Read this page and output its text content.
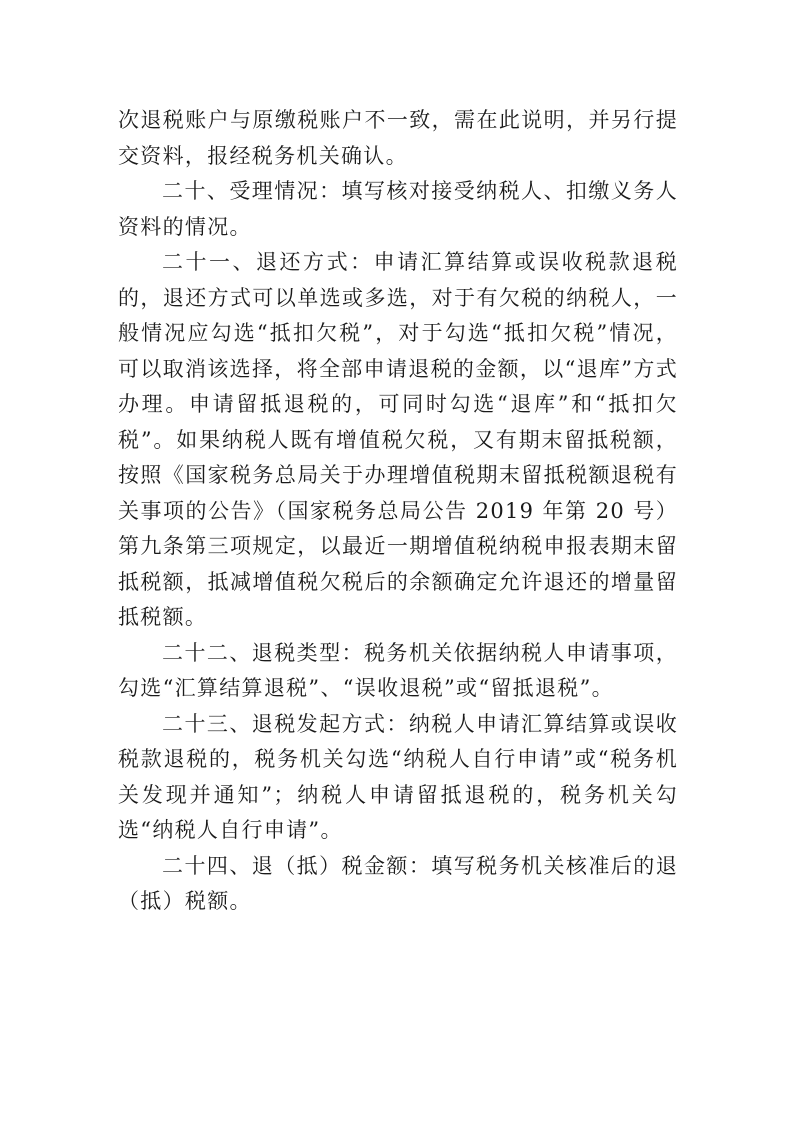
次退税账户与原缴税账户不一致，需在此说明，并另行提交资料，报经税务机关确认。

二十、受理情况：填写核对接受纳税人、扣缴义务人资料的情况。

二十一、退还方式：申请汇算结算或误收税款退税的，退还方式可以单选或多选，对于有欠税的纳税人，一般情况应勾选“抵扣欠税”，对于勾选“抵扣欠税”情况，可以取消该选择，将全部申请退税的金额，以“退库”方式办理。申请留抵退税的，可同时勾选“退库”和“抵扣欠税”。如果纳税人既有增值税欠税，又有期末留抵税额，按照《国家税务总局关于办理增值税期末留抵税额退税有关事项的公告》（国家税务总局公告 2019 年第 20 号）第九条第三项规定，以最近一期增值税纳税申报表期末留抵税额，抵减增值税欠税后的余额确定允许退还的增量留抵税额。

二十二、退税类型：税务机关依据纳税人申请事项，勾选“汇算结算退税”、“误收退税”或“留抵退税”。

二十三、退税发起方式：纳税人申请汇算结算或误收税款退税的，税务机关勾选“纳税人自行申请”或“税务机关发现并通知”；纳税人申请留抵退税的，税务机关勾选“纳税人自行申请”。

二十四、退（抵）税金额：填写税务机关核准后的退（抵）税额。
